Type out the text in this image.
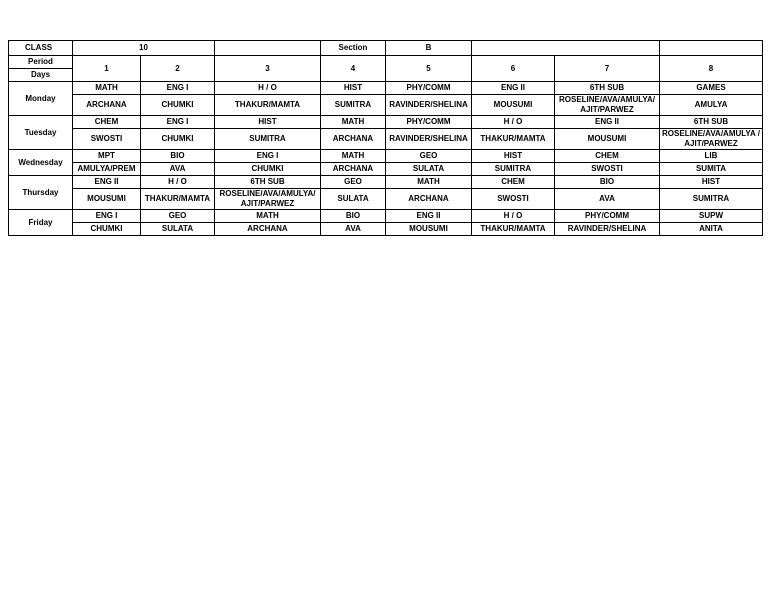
CLASS	10			Section	B			
Period	1	2	3	4	5	6	7	8
Days								
Monday	MATH	ENG I	H / O	HIST	PHY/COMM	ENG II	6TH SUB	GAMES
	ARCHANA	CHUMKI	THAKUR/MAMTA	SUMITRA	RAVINDER/SHELINA	MOUSUMI	ROSELINE/AVA/AMULYA/ AJIT/PARWEZ	AMULYA
Tuesday	CHEM	ENG I	HIST	MATH	PHY/COMM	H / O	ENG II	6TH SUB
	SWOSTI	CHUMKI	SUMITRA	ARCHANA	RAVINDER/SHELINA	THAKUR/MAMTA	MOUSUMI	ROSELINE/AVA/AMULYA / AJIT/PARWEZ
Wednesday	MPT	BIO	ENG I	MATH	GEO	HIST	CHEM	LIB
	AMULYA/PREM	AVA	CHUMKI	ARCHANA	SULATA	SUMITRA	SWOSTI	SUMITA
Thursday	ENG II	H / O	6TH SUB	GEO	MATH	CHEM	BIO	HIST
	MOUSUMI	THAKUR/MAMTA	ROSELINE/AVA/AMULYA/ AJIT/PARWEZ	SULATA	ARCHANA	SWOSTI	AVA	SUMITRA
Friday	ENG I	GEO	MATH	BIO	ENG II	H / O	PHY/COMM	SUPW
	CHUMKI	SULATA	ARCHANA	AVA	MOUSUMI	THAKUR/MAMTA	RAVINDER/SHELINA	ANITA
